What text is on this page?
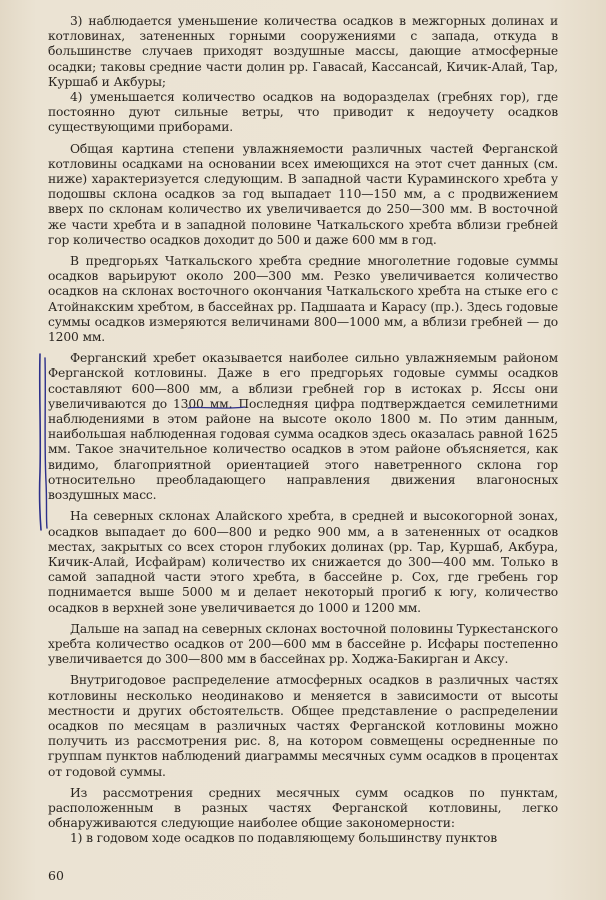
3) наблюдается уменьшение количества осадков в межгорных долинах и котловинах, затененных горными сооружениями с запада, откуда в большинстве случаев приходят воздушные массы, дающие атмосферные осадки; таковы средние части долин рр. Гавасай, Кассансай, Кичик-Алай, Тар, Куршаб и Акбуры;

4) уменьшается количество осадков на водоразделах (гребнях гор), где постоянно дуют сильные ветры, что приводит к недоучету осадков существующими приборами.

Общая картина степени увлажняемости различных частей Ферганской котловины осадками на основании всех имеющихся на этот счет данных (см. ниже) характеризуется следующим. В западной части Кураминского хребта у подошвы склона осадков за год выпадает 110—150 мм, а с продвижением вверх по склонам количество их увеличивается до 250—300 мм. В восточной же части хребта и в западной половине Чаткальского хребта вблизи гребней гор количество осадков доходит до 500 и даже 600 мм в год.

В предгорьях Чаткальского хребта средние многолетние годовые суммы осадков варьируют около 200—300 мм. Резко увеличивается количество осадков на склонах восточного окончания Чаткальского хребта на стыке его с Атойнакским хребтом, в бассейнах рр. Падшаата и Карасу (пр.). Здесь годовые суммы осадков измеряются величинами 800—1000 мм, а вблизи гребней — до 1200 мм.

Ферганский хребет оказывается наиболее сильно увлажняемым районом Ферганской котловины. Даже в его предгорьях годовые суммы осадков составляют 600—800 мм, а вблизи гребней гор в истоках р. Яссы они увеличиваются до 1300 мм. Последняя цифра подтверждается семилетними наблюдениями в этом районе на высоте около 1800 м. По этим данным, наибольшая наблюденная годовая сумма осадков здесь оказалась равной 1625 мм. Такое значительное количество осадков в этом районе объясняется, как видимо, благоприятной ориентацией этого наветренного склона гор относительно преобладающего направления движения влагоносных воздушных масс.

На северных склонах Алайского хребта, в средней и высокогорной зонах, осадков выпадает до 600—800 и редко 900 мм, а в затененных от осадков местах, закрытых со всех сторон глубоких долинах (рр. Тар, Куршаб, Акбура, Кичик-Алай, Исфайрам) количество их снижается до 300—400 мм. Только в самой западной части этого хребта, в бассейне р. Сох, где гребень гор поднимается выше 5000 м и делает некоторый прогиб к югу, количество осадков в верхней зоне увеличивается до 1000 и 1200 мм.

Дальше на запад на северных склонах восточной половины Туркестанского хребта количество осадков от 200—600 мм в бассейне р. Исфары постепенно увеличивается до 300—800 мм в бассейнах рр. Ходжа-Бакирган и Аксу.

Внутригодовое распределение атмосферных осадков в различных частях котловины несколько неодинаково и меняется в зависимости от высоты местности и других обстоятельств. Общее представление о распределении осадков по месяцам в различных частях Ферганской котловины можно получить из рассмотрения рис. 8, на котором совмещены осредненные по группам пунктов наблюдений диаграммы месячных сумм осадков в процентах от годовой суммы.

Из рассмотрения средних месячных сумм осадков по пунктам, расположенным в разных частях Ферганской котловины, легко обнаруживаются следующие наиболее общие закономерности:

1) в годовом ходе осадков по подавляющему большинству пунктов

60
